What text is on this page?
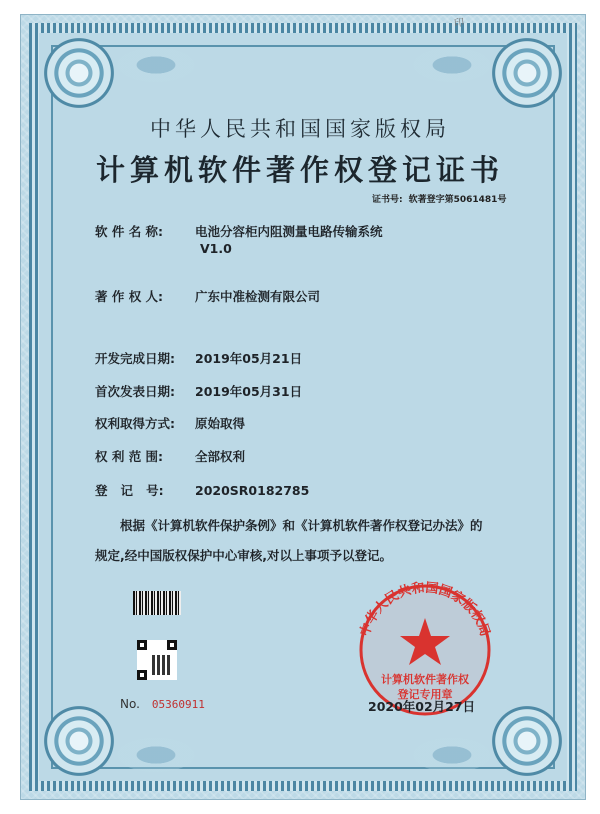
印
中华人民共和国国家版权局
计算机软件著作权登记证书
证书号: 软著登字第5061481号
软 件 名 称:	电池分容柜内阻测量电路传输系统
V1.0
著 作 权 人:	广东中准检测有限公司
开发完成日期: 2019年05月21日
首次发表日期: 2019年05月31日
权利取得方式: 原始取得
权 利 范 围:	全部权利
登   记   号:	2020SR0182785
根据《计算机软件保护条例》和《计算机软件著作权登记办法》的
规定,经中国版权保护中心审核,对以上事项予以登记。
No. 05360911
中华人民共和国国家版权局
计算机软件著作权
登记专用章
2020年02月27日
